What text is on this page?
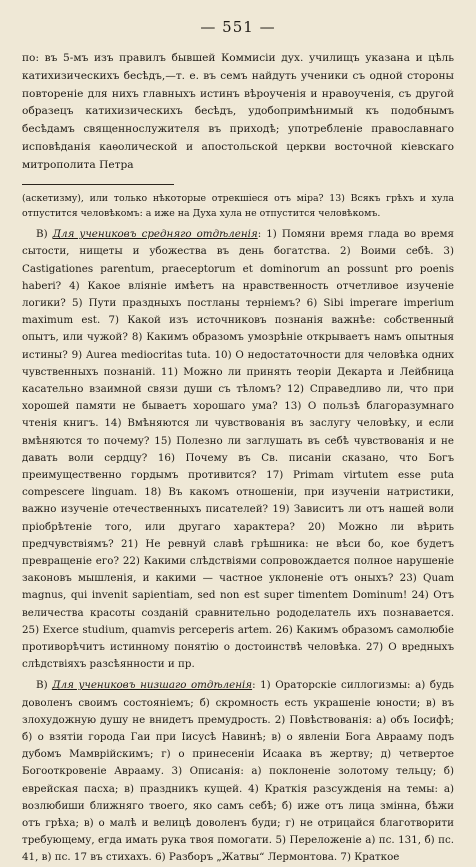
— 551 —

по: въ 5-мъ изъ правилъ бывшей Коммисіи дух. училищъ указана и цѣль катихизическихъ бесѣдъ,—т. е. въ семъ найдуть ученики съ одной стороны повтореніе для нихъ главныхъ истинъ вѣроученія и нравоученія, съ другой образецъ катихизическихъ бесѣдъ, удобопримѣнимый къ подобнымъ бесѣдамъ священнослужителя въ приходѣ; употребленіе православнаго исповѣданія каѳолической и апостольской церкви восточной кіевскаго митрополита Петра

(аскетизму), или только нѣкоторые отрекшіеся отъ міра? 13) Всякъ грѣхъ и хула отпустится человѣкомъ: а иже на Духа хула не отпустится человѣкомъ.

В) Для учениковъ средняго отдѣленія: 1) Помяни время глада во время сытости, нищеты и убожества въ день богатства. 2) Воими себѣ. 3) Castigationes parentum, praeceptorum et dominorum an possunt pro poenis haberi? 4) Какое вліяніе имѣетъ на нравственность отчетливое изученіе логики? 5) Пути праздныхъ постланы терніемъ? 6) Sibi imperare imperium maximum est. 7) Какой изъ источниковъ познанія важнѣе: собственный опытъ, или чужой? 8) Какимъ образомъ умозрѣніе открываетъ намъ опытныя истины? 9) Aurea mediocritas tuta. 10) О недостаточности для человѣка одних чувственныхъ познаній. 11) Можно ли принять теоріи Декарта и Лейбница касательно взаимной связи души съ тѣломъ? 12) Справедливо ли, что при хорошей памяти не бываетъ хорошаго ума? 13) О пользѣ благоразумнаго чтенія книгъ. 14) Вмѣняются ли чувствованія въ заслугу человѣку, и если вмѣняются то почему? 15) Полезно ли заглушать въ себѣ чувствованія и не давать воли сердцу? 16) Почему въ Св. писаніи сказано, что Богъ преимущественно гордымъ противится? 17) Primam virtutem esse puta compescere linguam. 18) Въ какомъ отношеніи, при изученіи натристики, важно изученіе отечественныхъ писателей? 19) Зависитъ ли отъ нашей воли пріобрѣтеніе того, или другаго характера? 20) Можно ли вѣрить предчувствіямъ? 21) Не ревнуй славѣ грѣшника: не вѣси бо, кое будетъ превращеніе его? 22) Какими слѣдствіями сопровождается полное нарушеніе законовъ мышленія, и какими — частное уклоненіе отъ оныхъ? 23) Quam magnus, qui invenit sapientiam, sed non est super timentem Dominum! 24) Отъ величества красоты созданій сравнительно рододелатель ихъ познавается. 25) Exerce studium, quamvis perceperis artem. 26) Какимъ образомъ самолюбіе противорѣчитъ истинному понятію о достоинствѣ человѣка. 27) О вредныхъ слѣдствіяхъ разсѣянности и пр.

В) Для учениковъ низшаго отдѣленія: 1) Ораторскіе силлогизмы: а) будь доволенъ своимъ состояніемъ; б) скромность есть украшеніе юности; в) въ злохудожную душу не внидетъ премудрость. 2) Повѣствованія: а) объ Іосифѣ; б) о взятіи города Гаи при Іисусѣ Навинѣ; в) о явленіи Бога Аврааму подъ дубомъ Мамврійскимъ; г) о принесеніи Исаака въ жертву; д) четвертое Богооткровеніе Аврааму. 3) Описанія: а) поклоненіе золотому тельцу; б) еврейская пасха; в) праздникъ кущей. 4) Краткія разсужденія на темы: а) возлюбиши ближняго твоего, яко самъ себѣ; б) иже отъ лица змінна, бѣжи отъ грѣха; в) о малѣ и велицѣ доволенъ буди; г) не отрицайся благотворити требующему, егда имать рука твоя помогати. 5) Переложеніе а) пс. 131, б) пс. 41, в) пс. 17 въ стихахъ. 6) Разборъ „Жатвы“ Лермонтова. 7) Краткое
